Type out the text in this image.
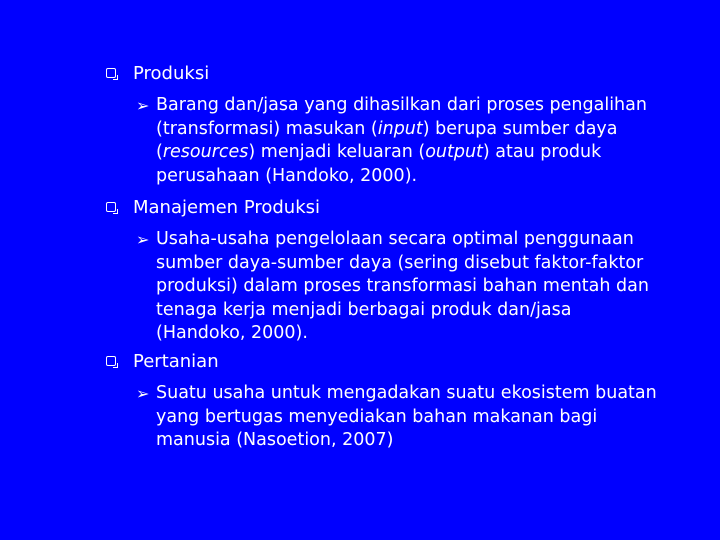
Produksi
➢ Barang dan/jasa yang dihasilkan dari proses pengalihan
(transformasi) masukan (input) berupa sumber daya
(resources) menjadi keluaran (output) atau produk
perusahaan (Handoko, 2000).
Manajemen Produksi
➢ Usaha-usaha pengelolaan secara optimal penggunaan
sumber daya-sumber daya (sering disebut faktor-faktor
produksi) dalam proses transformasi bahan mentah dan
tenaga kerja menjadi berbagai produk dan/jasa
(Handoko, 2000).
Pertanian
➢ Suatu usaha untuk mengadakan suatu ekosistem buatan
yang bertugas menyediakan bahan makanan bagi
manusia (Nasoetion, 2007)
